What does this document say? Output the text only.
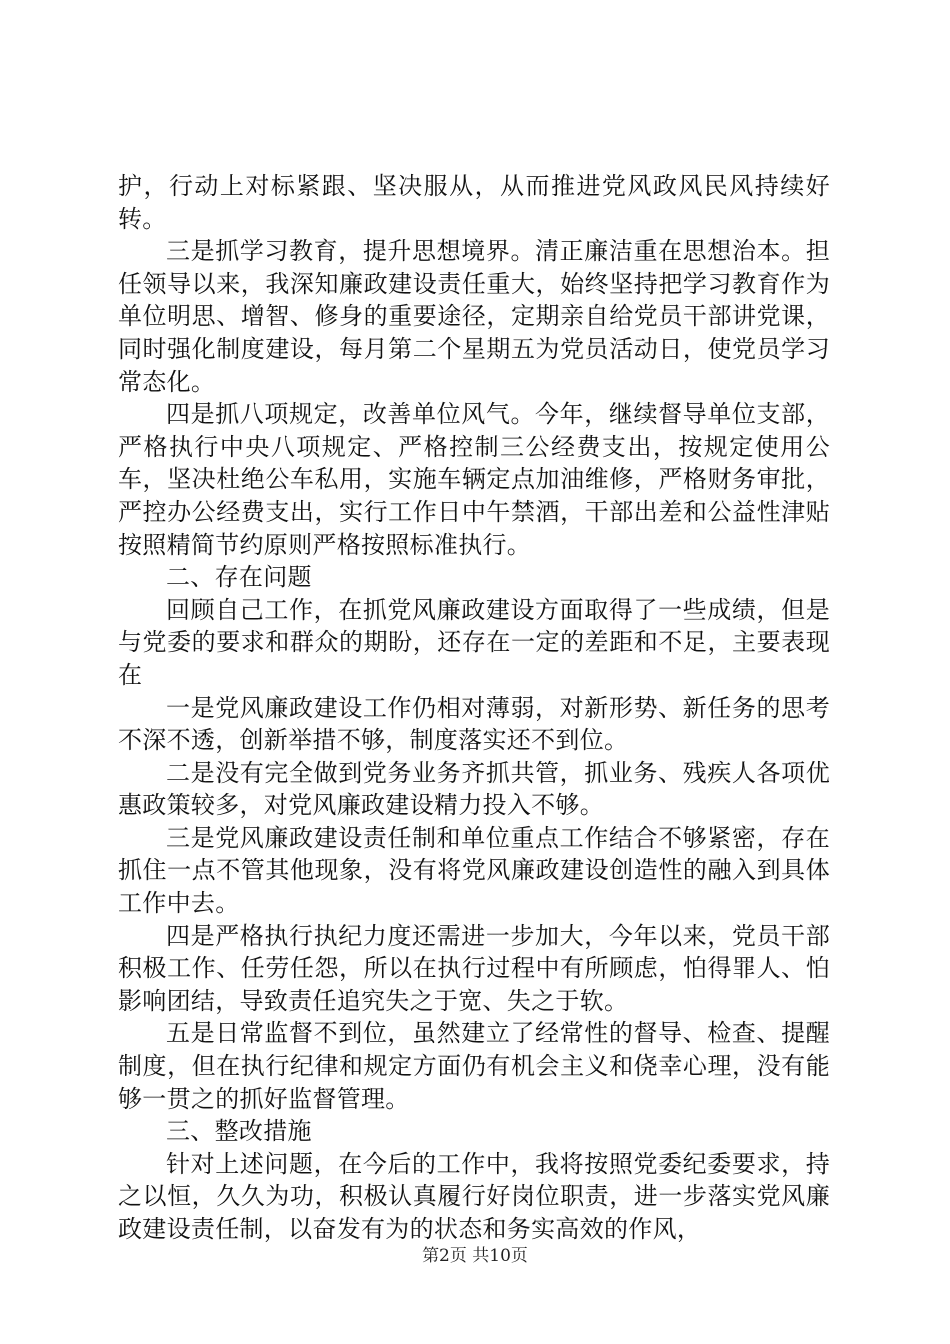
护，行动上对标紧跟、坚决服从，从而推进党风政风民风持续好转。

三是抓学习教育，提升思想境界。清正廉洁重在思想治本。担任领导以来，我深知廉政建设责任重大，始终坚持把学习教育作为单位明思、增智、修身的重要途径，定期亲自给党员干部讲党课，同时强化制度建设，每月第二个星期五为党员活动日，使党员学习常态化。

四是抓八项规定，改善单位风气。今年，继续督导单位支部，严格执行中央八项规定、严格控制三公经费支出，按规定使用公车，坚决杜绝公车私用，实施车辆定点加油维修，严格财务审批，严控办公经费支出，实行工作日中午禁酒，干部出差和公益性津贴按照精简节约原则严格按照标准执行。

二、存在问题

回顾自己工作，在抓党风廉政建设方面取得了一些成绩，但是与党委的要求和群众的期盼，还存在一定的差距和不足，主要表现在

一是党风廉政建设工作仍相对薄弱，对新形势、新任务的思考不深不透，创新举措不够，制度落实还不到位。

二是没有完全做到党务业务齐抓共管，抓业务、残疾人各项优惠政策较多，对党风廉政建设精力投入不够。

三是党风廉政建设责任制和单位重点工作结合不够紧密，存在抓住一点不管其他现象，没有将党风廉政建设创造性的融入到具体工作中去。

四是严格执行执纪力度还需进一步加大，今年以来，党员干部积极工作、任劳任怨，所以在执行过程中有所顾虑，怕得罪人、怕影响团结，导致责任追究失之于宽、失之于软。

五是日常监督不到位，虽然建立了经常性的督导、检查、提醒制度，但在执行纪律和规定方面仍有机会主义和侥幸心理，没有能够一贯之的抓好监督管理。

三、整改措施

针对上述问题，在今后的工作中，我将按照党委纪委要求，持之以恒，久久为功，积极认真履行好岗位职责，进一步落实党风廉政建设责任制，以奋发有为的状态和务实高效的作风，

第2页 共10页
